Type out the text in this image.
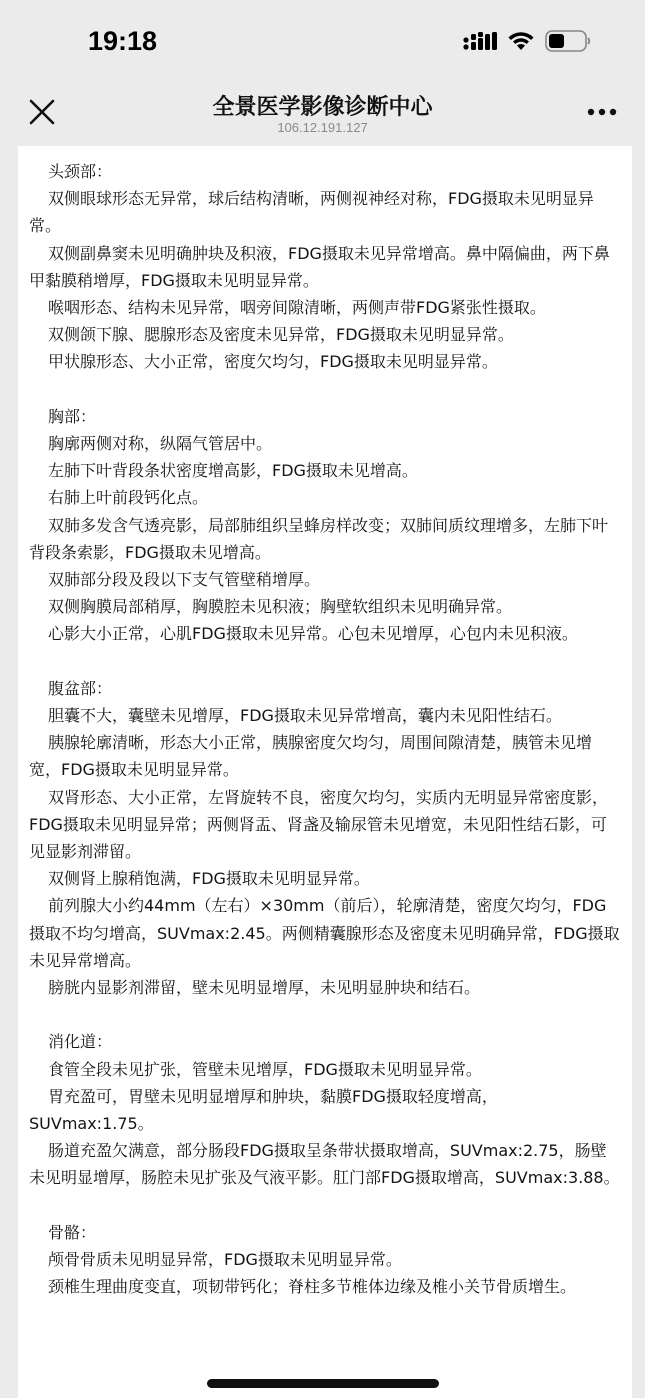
19:18
全景医学影像诊断中心
106.12.191.127
头颈部：

双侧眼球形态无异常，球后结构清晰，两侧视神经对称，FDG摄取未见明显异常。

双侧副鼻窦未见明确肿块及积液，FDG摄取未见异常增高。鼻中隔偏曲，两下鼻甲黏膜稍增厚，FDG摄取未见明显异常。

喉咽形态、结构未见异常，咽旁间隙清晰，两侧声带FDG紧张性摄取。

双侧颌下腺、腮腺形态及密度未见异常，FDG摄取未见明显异常。

甲状腺形态、大小正常，密度欠均匀，FDG摄取未见明显异常。

胸部：

胸廓两侧对称，纵隔气管居中。

左肺下叶背段条状密度增高影，FDG摄取未见增高。

右肺上叶前段钙化点。

双肺多发含气透亮影，局部肺组织呈蜂房样改变；双肺间质纹理增多，左肺下叶背段条索影，FDG摄取未见增高。

双肺部分段及段以下支气管壁稍增厚。

双侧胸膜局部稍厚，胸膜腔未见积液；胸壁软组织未见明确异常。

心影大小正常，心肌FDG摄取未见异常。心包未见增厚，心包内未见积液。

腹盆部：

胆囊不大，囊壁未见增厚，FDG摄取未见异常增高，囊内未见阳性结石。

胰腺轮廓清晰，形态大小正常，胰腺密度欠均匀，周围间隙清楚，胰管未见增宽，FDG摄取未见明显异常。

双肾形态、大小正常，左肾旋转不良，密度欠均匀，实质内无明显异常密度影，FDG摄取未见明显异常；两侧肾盂、肾盏及输尿管未见增宽，未见阳性结石影，可见显影剂滞留。

双侧肾上腺稍饱满，FDG摄取未见明显异常。

前列腺大小约44mm（左右）×30mm（前后），轮廓清楚，密度欠均匀，FDG摄取不均匀增高，SUVmax:2.45。两侧精囊腺形态及密度未见明确异常，FDG摄取未见异常增高。

膀胱内显影剂滞留，壁未见明显增厚，未见明显肿块和结石。

消化道：

食管全段未见扩张，管壁未见增厚，FDG摄取未见明显异常。

胃充盈可，胃壁未见明显增厚和肿块，黏膜FDG摄取轻度增高，SUVmax:1.75。

肠道充盈欠满意，部分肠段FDG摄取呈条带状摄取增高，SUVmax:2.75，肠壁未见明显增厚，肠腔未见扩张及气液平影。肛门部FDG摄取增高，SUVmax:3.88。

骨骼：

颅骨骨质未见明显异常，FDG摄取未见明显异常。

颈椎生理曲度变直，项韧带钙化；脊柱多节椎体边缘及椎小关节骨质增生。
